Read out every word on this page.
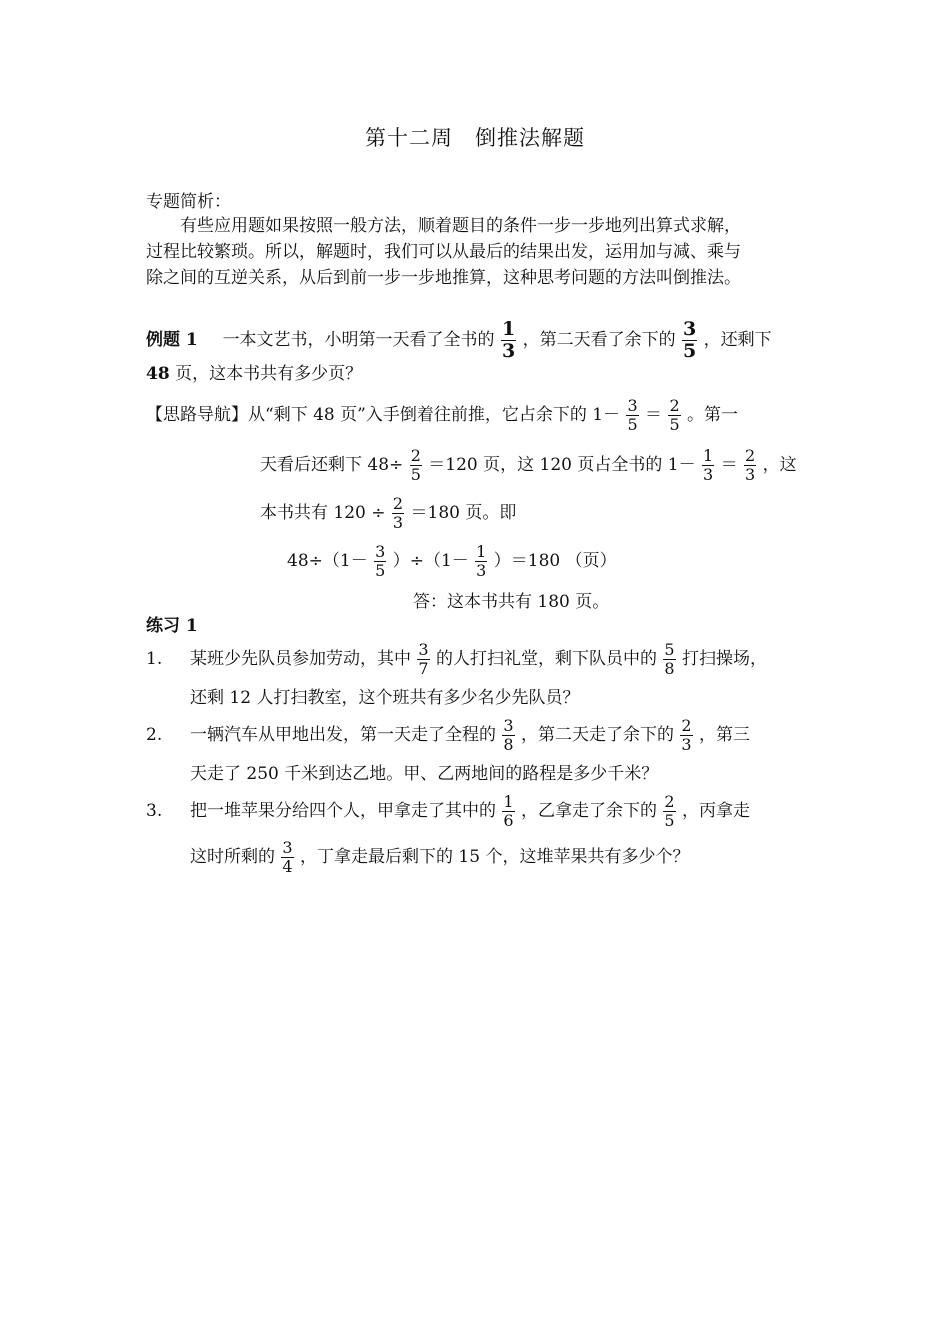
第十二周　倒推法解题
专题简析：
有些应用题如果按照一般方法，顺着题目的条件一步一步地列出算式求解，
过程比较繁琐。所以，解题时，我们可以从最后的结果出发，运用加与减、乘与
除之间的互逆关系，从后到前一步一步地推算，这种思考问题的方法叫倒推法。
例题 1 一本文艺书，小明第一天看了全书的 $\frac{1}{3}$ ，第二天看了余下的 $\frac{3}{5}$ ，还剩下
48 页，这本书共有多少页？
【思路导航】从“剩下 48 页”入手倒着往前推，它占余下的 $1- \frac{3}{5} = \frac{2}{5}$ 。第一
天看后还剩下 $48\div \frac{2}{5} =120$ 页，这 120 页占全书的 $1- \frac{1}{3} = \frac{2}{3}$ ，这
本书共有 $120 \div \frac{2}{3} =180$ 页。即
$48\div(1- \frac{3}{5} )\div(1- \frac{1}{3} )=180$ （页）
答：这本书共有 180 页。
练习 1
1. 某班少先队员参加劳动，其中 $\frac{3}{7}$ 的人打扫礼堂，剩下队员中的 $\frac{5}{8}$ 打扫操场，
还剩 12 人打扫教室，这个班共有多少名少先队员？
2. 一辆汽车从甲地出发，第一天走了全程的 $\frac{3}{8}$ ，第二天走了余下的 $\frac{2}{3}$ ，第三
天走了 250 千米到达乙地。甲、乙两地间的路程是多少千米？
3. 把一堆苹果分给四个人，甲拿走了其中的 $\frac{1}{6}$ ，乙拿走了余下的 $\frac{2}{5}$ ，丙拿走
这时所剩的 $\frac{3}{4}$ ，丁拿走最后剩下的 15 个，这堆苹果共有多少个？
